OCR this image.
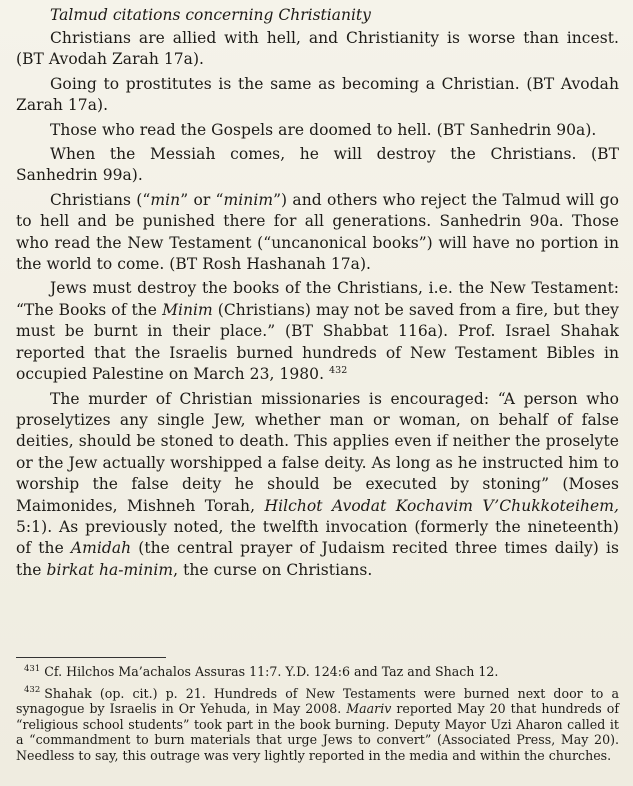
Talmud citations concerning Christianity

Christians are allied with hell, and Christianity is worse than incest. (BT Avodah Zarah 17a).

Going to prostitutes is the same as becoming a Christian. (BT Avodah Zarah 17a).

Those who read the Gospels are doomed to hell. (BT Sanhedrin 90a).

When the Messiah comes, he will destroy the Christians. (BT Sanhedrin 99a).

Christians (“min” or “minim”) and others who reject the Talmud will go to hell and be punished there for all generations. Sanhedrin 90a. Those who read the New Testament (“uncanonical books”) will have no portion in the world to come. (BT Rosh Hashanah 17a).

Jews must destroy the books of the Christians, i.e. the New Testament: “The Books of the Minim (Christians) may not be saved from a fire, but they must be burnt in their place.” (BT Shabbat 116a). Prof. Israel Shahak reported that the Israelis burned hundreds of New Testament Bibles in occupied Palestine on March 23, 1980. $^{432}$

The murder of Christian missionaries is encouraged: “A person who proselytizes any single Jew, whether man or woman, on behalf of false deities, should be stoned to death. This applies even if neither the proselyte or the Jew actually worshipped a false deity. As long as he instructed him to worship the false deity he should be executed by stoning” (Moses Maimonides, Mishneh Torah, Hilchot Avodat Kochavim V’Chukkoteihem, 5:1). As previously noted, the twelfth invocation (formerly the nineteenth) of the Amidah (the central prayer of Judaism recited three times daily) is the birkat ha-minim, the curse on Christians.

$^{431}$ Cf. Hilchos Ma’achalos Assuras 11:7. Y.D. 124:6 and Taz and Shach 12.

$^{432}$ Shahak (op. cit.) p. 21. Hundreds of New Testaments were burned next door to a synagogue by Israelis in Or Yehuda, in May 2008. Maariv reported May 20 that hundreds of “religious school students” took part in the book burning. Deputy Mayor Uzi Aharon called it a “commandment to burn materials that urge Jews to convert” (Associated Press, May 20). Needless to say, this outrage was very lightly reported in the media and within the churches.
